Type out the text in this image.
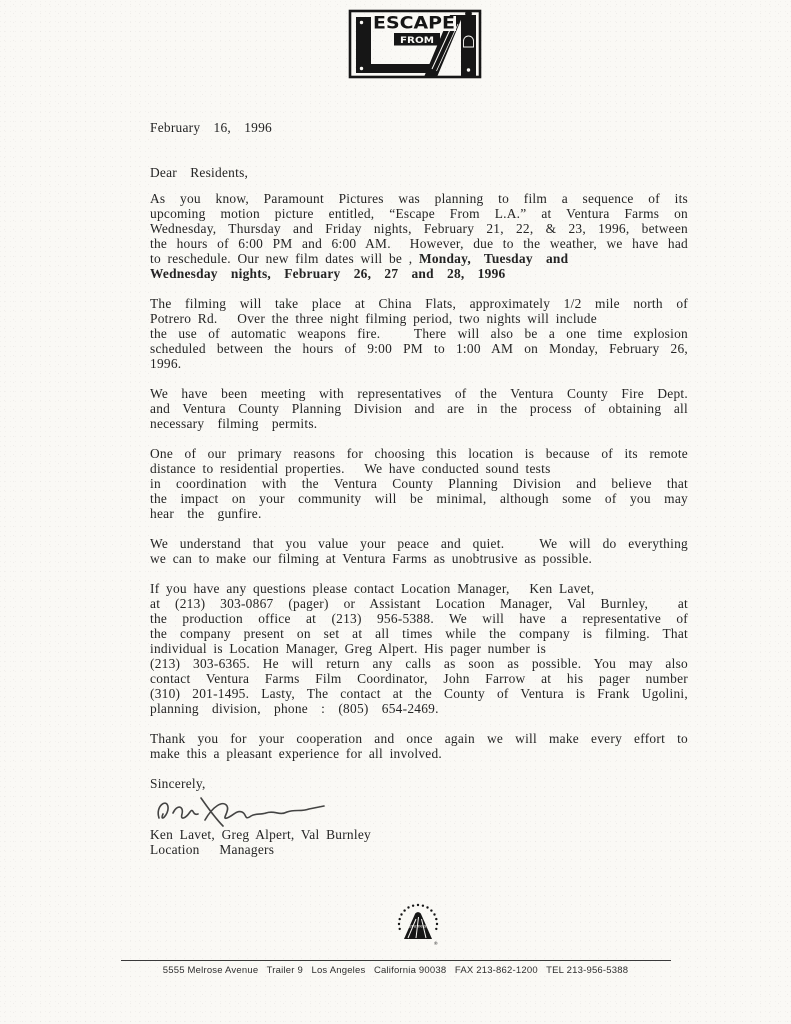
ESCAPE
FROM
February  16,  1996
Dear  Residents,
As you know, Paramount Pictures was planning to film a sequence of its
upcoming motion picture entitled, “Escape From L.A.” at Ventura Farms on
Wednesday, Thursday and Friday nights, February 21, 22, & 23, 1996, between
the hours of 6:00 PM and 6:00 AM.  However, due to the weather, we have had
to reschedule. Our new film dates will be , Monday,  Tuesday  and
Wednesday  nights,  February  26,  27  and  28,  1996
The filming will take place at China Flats, approximately 1/2 mile north of
Potrero Rd.   Over the three night filming period, two nights will include
the use of automatic weapons fire.   There will also be a one time explosion
scheduled between the hours of 9:00 PM to 1:00 AM on Monday, February 26,
1996.
We have been meeting with representatives of the Ventura County Fire Dept.
and Ventura County Planning Division and are in the process of obtaining all
necessary  filming  permits.
One of our primary reasons for choosing this location is because of its remote
distance to residential properties.   We have conducted sound tests
in coordination with the Ventura County Planning Division and believe that
the impact on your community will be minimal, although some of you may
hear  the  gunfire.
We understand that you value your peace and quiet.   We will do everything
we can to make our filming at Ventura Farms as unobtrusive as possible.
If you have any questions please contact Location Manager,   Ken Lavet,
at (213) 303-0867 (pager) or Assistant Location Manager, Val Burnley,  at
the production office at (213) 956-5388. We will have a representative of
the company present on set at all times while the company is filming. That
individual is Location Manager, Greg Alpert. His pager number is
(213) 303-6365. He will return any calls as soon as possible. You may also
contact Ventura Farms Film Coordinator, John Farrow at his pager number
(310) 201-1495. Lasty, The contact at the County of Ventura is Frank Ugolini,
planning  division,  phone  :  (805)  654-2469.
Thank you for your cooperation and once again we will make every effort to
make this a pleasant experience for all involved.
Sincerely,
Ken Lavet, Greg Alpert, Val Burnley
Location   Managers
Paramount
®
5555 Melrose Avenue   Trailer 9   Los Angeles   California 90038   FAX 213-862-1200   TEL 213-956-5388
